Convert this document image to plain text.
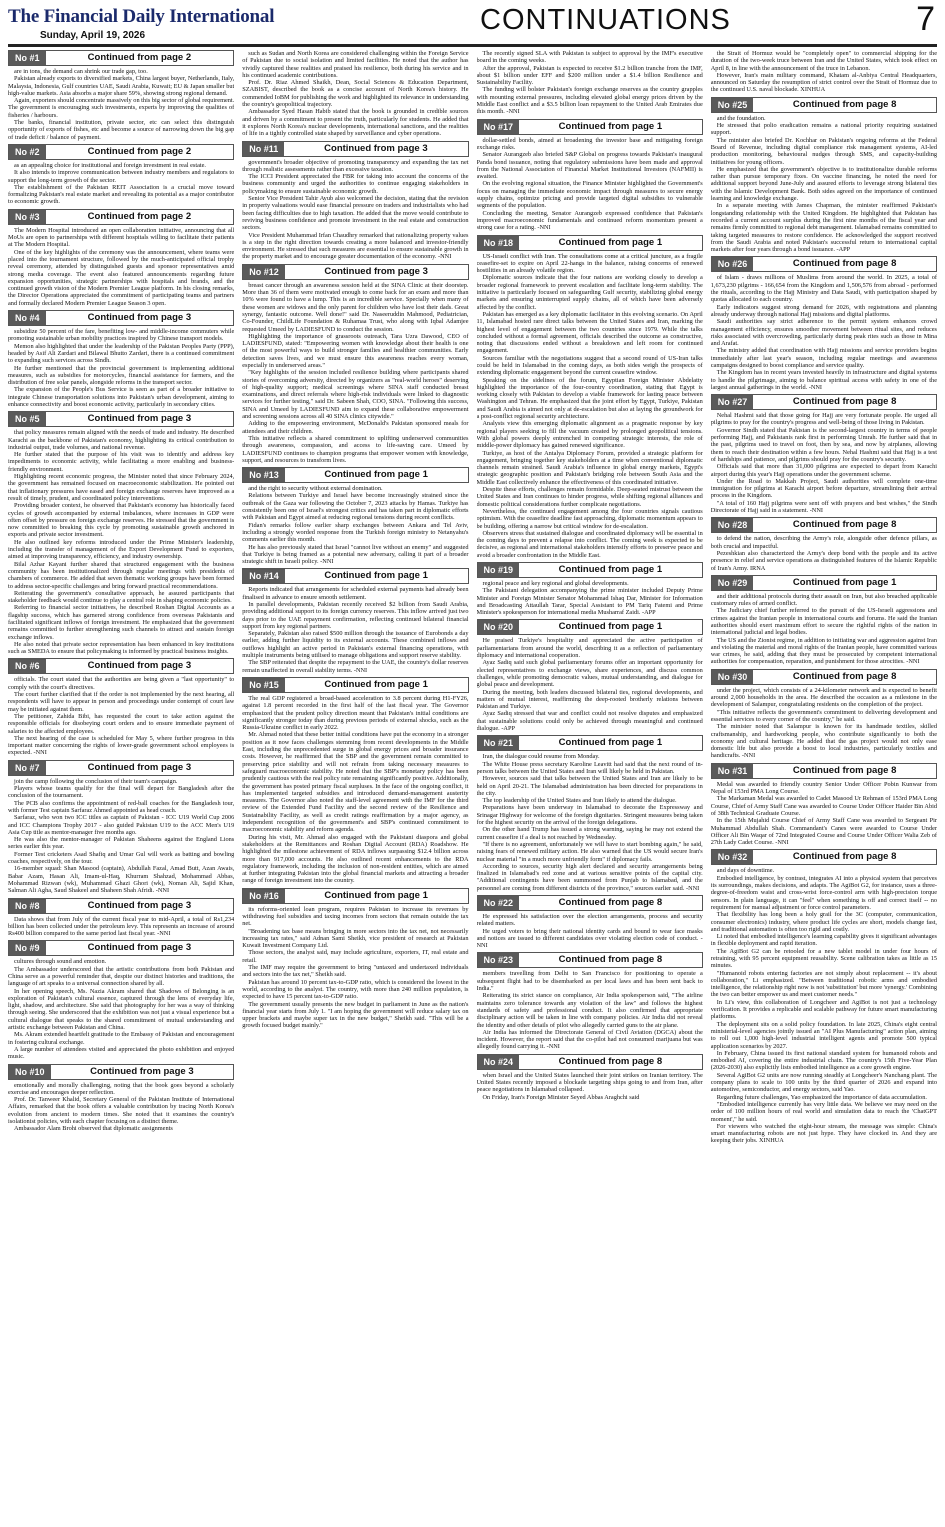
The Financial Daily International
Sunday, April 19, 2026	CONTINUATIONS	7
No #1	Continued from page 2

are in tons, the demand can shrink our trade gap, too.

Pakistan already exports to diversified markets, China largest buyer, Netherlands, Italy, Malaysia, Indonesia, Gulf countries UAE, Saudi Arabia, Kuwait; EU & Japan smaller but high-value markets. Asia absorbs a major share 59%, showing strong regional demand.

Again, exporters should concentrate massively on this big sector of global requirement. The government is encouraging such investments, experts by improving the qualities of fisheries / harbours.

The banks, financial institution, private sector, etc can select this distinguish opportunity of exports of fishes, etc and become a source of narrowing down the big gap of trade deficit / balance of payment.

No #2	Continued from page 2

as an appealing choice for institutional and foreign investment in real estate.

It also intends to improve communication between industry members and regulators to support the long-term growth of the sector.

The establishment of the Pakistan REIT Association is a crucial move toward formalizing Pakistan's real estate market and revealing its potential as a major contributor to economic growth.

No #3	Continued from page 2

The Modern Hospital introduced an open collaboration initiative, announcing that all MoUs are open to partnerships with different hospitals willing to facilitate their patients at The Modern Hospital.

One of the key highlights of the ceremony was the announcement, where teams were placed into the tournament structure, followed by the much-anticipated official trophy reveal ceremony, attended by distinguished guests and sponsor representatives amid strong media coverage. The event also featured announcements regarding future expansion opportunities, strategic partnerships with hospitals and brands, and the continued growth vision of the Modern Premier League platform. In his closing remarks, the Director Operations appreciated the commitment of participating teams and partners and formally declared Modern Premier League Season 3 open.

No #4	Continued from page 3

subsidize 50 percent of the fare, benefiting low- and middle-income commuters while promoting sustainable urban mobility practices inspired by Chinese transport models.

Memon also highlighted that under the leadership of the Pakistan Peoples Party (PPP), headed by Asif Ali Zardari and Bilawal Bhutto Zardari, there is a continued commitment to expanding such services across Sindh.

He further mentioned that the provincial government is implementing additional measures, such as subsidies for motorcycles, financial assistance for farmers, and the distribution of free solar panels, alongside reforms in the transport sector.

The expansion of the People's Bus Service is seen as part of a broader initiative to integrate Chinese transportation solutions into Pakistan's urban development, aiming to enhance connectivity and boost economic activity, particularly in secondary cities.

No #5	Continued from page 3

that policy measures remain aligned with the needs of trade and industry. He described Karachi as the backbone of Pakistan's economy, highlighting its critical contribution to industrial output, trade volumes, and national revenue.

He further stated that the purpose of his visit was to identify and address key impediments to economic activity, while facilitating a more enabling and business-friendly environment.

Highlighting recent economic progress, the Minister noted that since February 2024, the government has remained focused on macroeconomic stabilization. He pointed out that inflationary pressures have eased and foreign exchange reserves have improved as a result of timely, prudent, and coordinated policy interventions.

Providing broader context, he observed that Pakistan's economy has historically faced cycles of growth accompanied by external imbalances, where increases in GDP were often offset by pressure on foreign exchange reserves. He stressed that the government is now committed to breaking this cycle by promoting sustainable growth anchored in exports and private sector investment.

He also outlined key reforms introduced under the Prime Minister's leadership, including the transfer of management of the Export Development Fund to exporters, aimed at improving transparency, efficiency, and industry ownership.

Bilal Azhar Kayani further shared that structured engagement with the business community has been institutionalized through regular meetings with presidents of chambers of commerce. He added that seven thematic working groups have been formed to address sector-specific challenges and bring forward practical recommendations.

Reiterating the government's consultative approach, he assured participants that stakeholder feedback would continue to play a central role in shaping economic policies.

Referring to financial sector initiatives, he described Roshan Digital Accounts as a flagship success, which has garnered strong confidence from overseas Pakistanis and facilitated significant inflows of foreign investment. He emphasized that the government remains committed to further strengthening such channels to attract and sustain foreign exchange inflows.

He also noted that private sector representation has been enhanced in key institutions such as SMEDA to ensure that policymaking is informed by practical business insights.

No #6	Continued from page 3

officials. The court stated that the authorities are being given a "last opportunity" to comply with the court's directives.

The court further clarified that if the order is not implemented by the next hearing, all respondents will have to appear in person and proceedings under contempt of court law may be initiated against them.

The petitioner, Zahida Bibi, has requested the court to take action against the responsible officials for disobeying court orders and to ensure immediate payment of salaries to the affected employees.

The next hearing of the case is scheduled for May 5, where further progress in this important matter concerning the rights of lower-grade government school employees is expected. -NNI

No #7	Continued from page 3

join the camp following the conclusion of their team's campaign.

Players whose teams qualify for the final will depart for Bangladesh after the conclusion of the tournament.

The PCB also confirms the appointment of red-ball coaches for the Bangladesh tour, with former Test captain Sarfaraz Ahmed appointed as head coach.

Sarfaraz, who won two ICC titles as captain of Pakistan - ICC U19 World Cup 2006 and ICC Champions Trophy 2017 - also guided Pakistan U19 to the ACC Men's U19 Asia Cup title as mentor-manager five months ago.

He was also the mentor-manager of Pakistan Shaheens against the England Lions series earlier this year.

Former Test cricketers Asad Shafiq and Umar Gul will work as batting and bowling coaches, respectively, on the tour.

16-member squad: Shan Masood (captain), Abdullah Fazal, Amad Butt, Azan Awais, Babar Azam, Hasan Ali, Imam-ul-Haq, Khurram Shahzad, Mohammad Abbas, Mohammad Rizwan (wk), Muhammad Ghazi Ghori (wk), Noman Ali, Sajid Khan, Salman Ali Agha, Saud Shakeel and Shaheen Shah Afridi. -NNI

No #8	Continued from page 3

Data shows that from July of the current fiscal year to mid-April, a total of Rs1,234 billion has been collected under the petroleum levy. This represents an increase of around Rs400 billion compared to the same period last fiscal year. -NNI

No #9	Continued from page 3

cultures through sound and emotion.

The Ambassador underscored that the artistic contributions from both Pakistan and China serve as a powerful reminder that, despite our distinct histories and traditions, the language of art speaks to a universal connection shared by all.

In her opening speech, Ms. Nazia Akram shared that Shadows of Belonging is an exploration of Pakistan's cultural essence, captured through the lens of everyday life, light, shadow, and architecture. She said that photography for her was a way of thinking through seeing. She underscored that the exhibition was not just a visual experience but a cultural dialogue that speaks to the shared commitment of mutual understanding and artistic exchange between Pakistan and China.

Ms. Akram extended heartfelt gratitude to the Embassy of Pakistan and encouragement in fostering cultural exchange.

A large number of attendees visited and appreciated the photo exhibition and enjoyed music.

No #10	Continued from page 3

emotionally and morally challenging, noting that the book goes beyond a scholarly exercise and encourages deeper reflection.

Prof. Dr. Tanweer Khalid, Secretary General of the Pakistan Institute of International Affairs, remarked that the book offers a valuable contribution by tracing North Korea's evolution from ancient to modern times. She noted that it examines the country's isolationist policies, with each chapter focusing on a distinct theme.

Ambassador Alam Brohi observed that diplomatic assignments

such as Sudan and North Korea are considered challenging within the Foreign Service of Pakistan due to social isolation and limited facilities. He noted that the author has vividly captured these realities and praised his resilience, both during his service and in his continued academic contributions.

Prof. Dr. Riaz Ahmed Shaikh, Dean, Social Sciences & Education Department, SZABIST, described the book as a concise account of North Korea's history. He commended IoBM for publishing the work and highlighted its relevance in understanding the country's geopolitical trajectory.

Ambassador Syed Hasan Habib stated that the book is grounded in credible sources and driven by a commitment to present the truth, particularly for students. He added that it explores North Korea's nuclear developments, international sanctions, and the realities of life in a tightly controlled state shaped by surveillance and cyber operations.

No #11	Continued from page 3

government's broader objective of promoting transparency and expanding the tax net through realistic assessments rather than excessive taxation.

The ICCI President appreciated the FBR for taking into account the concerns of the business community and urged the authorities to continue engaging stakeholders in policymaking to ensure sustainable economic growth.

Senior Vice President Tahir Ayub also welcomed the decision, stating that the revision in property valuations would ease financial pressure on traders and industrialists who had been facing difficulties due to high taxation. He added that the move would contribute to reviving business confidence and promote investment in the real estate and construction sectors.

Vice President Muhammad Irfan Chaudhry remarked that rationalizing property values is a step in the right direction towards creating a more balanced and investor-friendly environment. He stressed that such measures are essential to ensure sustainable growth in the property market and to encourage greater documentation of the economy. -NNI

No #12	Continued from page 3

breast cancer through an awareness session held at the SINA Clinic at their doorstep. More than 36 of them were motivated enough to come back for an exam and more than 10% were found to have a lump. This is an incredible service. Specially when many of these women are widows and the only parent for children who have lost their dads. Great synergy, fantastic outcome. Well done!" said Dr. Naseeruddin Mahmood, Pediatrician, Co-Founder, ChildLife Foundation & Ruhamaa Trust, who along with Iqbal Adamjee requested Umeed by LADIESFUND to conduct the session.

Highlighting the importance of grassroots outreach, Tara Uzra Dawood, CEO of LADIESFUND, stated: "Empowering women with knowledge about their health is one of the most powerful ways to build stronger families and healthier communities. Early detection saves lives, and we must ensure this awareness reaches every woman, especially in underserved areas."

"Key highlights of the session included resilience building where participants shared stories of overcoming adversity, directed by organizers as "real-world heroes" deserving of high-quality support; medical screenings where SINA staff conducted breast examinations, and direct referrals where high-risk individuals were linked to diagnostic services for further testing," said Dr. Sabeen Shah, COO, SINA. "Following this success, SINA and Umeed by LADIESFUND aim to expand these collaborative empowerment and screening sessions across all 40 SINA clinics citywide."

Adding to the empowering environment, McDonald's Pakistan sponsored meals for attendees and their children.

This initiative reflects a shared commitment to uplifting underserved communities through awareness, compassion, and access to life-saving care. Umeed by LADIESFUND continues to champion programs that empower women with knowledge, support, and resources to transform lives.

No #13	Continued from page 1

and the right to security without external domination.

Relations between Turkiye and Israel have become increasingly strained since the outbreak of the Gaza war following the October 7, 2023 attacks by Hamas. Turkiye has consistently been one of Israel's strongest critics and has taken part in diplomatic efforts with Pakistan and Egypt aimed at reducing regional tensions during recent conflicts.

Fidan's remarks follow earlier sharp exchanges between Ankara and Tel Aviv, including a strongly worded response from the Turkish foreign ministry to Netanyahu's comments earlier this month.

He has also previously stated that Israel "cannot live without an enemy" and suggested that Turkiye is being framed as a potential new adversary, calling it part of a broader strategic shift in Israeli policy. -NNI

No #14	Continued from page 1

Reports indicated that arrangements for scheduled external payments had already been finalised in advance to ensure smooth settlement.

In parallel developments, Pakistan recently received $2 billion from Saudi Arabia, providing additional support to its foreign currency reserves. This inflow arrived just two days prior to the UAE repayment confirmation, reflecting continued bilateral financial support from key regional partners.

Separately, Pakistan also raised $500 million through the issuance of Eurobonds a day earlier, adding further liquidity to its external accounts. These combined inflows and outflows highlight an active period in Pakistan's external financing operations, with multiple instruments being utilised to manage obligations and support reserve stability.

The SBP reiterated that despite the repayment to the UAE, the country's dollar reserves remain unaffected in overall stability terms. -NNI

No #15	Continued from page 1

The real GDP registered a broad-based acceleration to 3.8 percent during H1-FY26, against 1.8 percent recorded in the first half of the last fiscal year. The Governor emphasized that the prudent policy direction meant that Pakistan's initial conditions are significantly stronger today than during previous periods of external shocks, such as the Russia-Ukraine conflict in early 2022.

Mr. Ahmad noted that these better initial conditions have put the economy in a stronger position as it now faces challenges stemming from recent developments in the Middle East, including the unprecedented surge in global energy prices and broader insurance costs. However, he reaffirmed that the SBP and the government remain committed to preserving price stability and will not refrain from taking necessary measures to safeguard macroeconomic stability. He noted that the SBP's monetary policy has been prudently cautious with the real policy rate remaining significantly positive. Additionally, the government has posted primary fiscal surpluses. In the face of the ongoing conflict, it has implemented targeted subsidies and introduced demand-management austerity measures. The Governor also noted the staff-level agreement with the IMF for the third review of the Extended Fund Facility and the second review of the Resilience and Sustainability Facility, as well as credit ratings reaffirmation by a major agency, as independent recognition of the government's and SBP's continued commitment to macroeconomic stability and reform agenda.

During his visit, Mr. Ahmad also engaged with the Pakistani diaspora and global stakeholders at the Remittances and Roshan Digital Account (RDA) Roadshow. He highlighted the milestone achievement of RDA inflows surpassing $12.4 billion across more than 917,000 accounts. He also outlined recent enhancements to the RDA regulatory framework, including the inclusion of non-resident entities, which are aimed at further integrating Pakistan into the global financial markets and attracting a broader range of foreign investment into the country.

No #16	Continued from page 1

its reforms-oriented loan program, requires Pakistan to increase its revenues by withdrawing fuel subsidies and taxing incomes from sectors that remain outside the tax net.

"Broadening tax base means bringing in more sectors into the tax net, not necessarily increasing tax rates," said Adnan Sami Sheikh, vice president of research at Pakistan Kuwait Investment Company Ltd.

Those sectors, the analyst said, may include agriculture, exporters, IT, real estate and retail.

The IMF may require the government to bring "untaxed and undertaxed individuals and sectors into the tax net," Sheikh said.

Pakistan has around 10 percent tax-to-GDP ratio, which is considered the lowest in the world, according to the analyst. The country, with more than 240 million population, is expected to have 15 percent tax-to-GDP ratio.

The government usually presents the new budget in parliament in June as the nation's financial year starts from July 1. "I am hoping the government will reduce salary tax on upper brackets and maybe super tax in the new budget," Sheikh said. "This will be a growth focused budget mainly."

The recently signed SLA with Pakistan is subject to approval by the IMF's executive board in the coming weeks.

After the approval, Pakistan is expected to receive $1.2 billion tranche from the IMF, about $1 billion under EFF and $200 million under a $1.4 billion Resilience and Sustainability Facility.

The funding will bolster Pakistan's foreign exchange reserves as the country grapples with mounting external pressures, including elevated global energy prices driven by the Middle East conflict and a $3.5 billion loan repayment to the United Arab Emirates due this month. -NNI

No #17	Continued from page 1

dollar-settled bonds, aimed at broadening the investor base and mitigating foreign exchange risks.

Senator Aurangzeb also briefed S&P Global on progress towards Pakistan's inaugural Panda bond issuance, noting that regulatory submissions have been made and approval from the National Association of Financial Market Institutional Investors (NAFMII) is awaited.

On the evolving regional situation, the Finance Minister highlighted the Government's focus on managing the immediate economic impact through measures to secure energy supply chains, optimize pricing and provide targeted digital subsidies to vulnerable segments of the population.

Concluding the meeting, Senator Aurangzeb expressed confidence that Pakistan's improved macroeconomic fundamentals and continued reform momentum present a strong case for a rating. -NNI

No #18	Continued from page 1

US-Israeli conflict with Iran. The consultations come at a critical juncture, as a fragile ceasefire-set to expire on April 22-hangs in the balance, raising concerns of renewed hostilities in an already volatile region.

Diplomatic sources indicate that the four nations are working closely to develop a broader regional framework to prevent escalation and facilitate long-term stability. The initiative is particularly focused on safeguarding Gulf security, stabilizing global energy markets and ensuring uninterrupted supply chains, all of which have been adversely affected by the conflict.

Pakistan has emerged as a key diplomatic facilitator in this evolving scenario. On April 11, Islamabad hosted rare direct talks between the United States and Iran, marking the highest level of engagement between the two countries since 1979. While the talks concluded without a formal agreement, officials described the outcome as constructive, noting that discussions ended without a breakdown and left room for continued engagement.

Sources familiar with the negotiations suggest that a second round of US-Iran talks could be held in Islamabad in the coming days, as both sides weigh the prospects of extending diplomatic engagement beyond the current ceasefire window.

Speaking on the sidelines of the forum, Egyptian Foreign Minister Abdelatty highlighted the importance of the four-country coordination, stating that Egypt is working closely with Pakistan to develop a viable framework for lasting peace between Washington and Tehran. He emphasized that the joint effort by Egypt, Turkiye, Pakistan and Saudi Arabia is aimed not only at de-escalation but also at laying the groundwork for a post-conflict regional security architecture.

Analysts view this emerging diplomatic alignment as a pragmatic response by key regional players seeking to fill the vacuum created by prolonged geopolitical tensions. With global powers deeply entrenched in competing strategic interests, the role of middle-power diplomacy has gained renewed significance.

Turkiye, as host of the Antalya Diplomacy Forum, provided a strategic platform for engagement, bringing together key stakeholders at a time when conventional diplomatic channels remain strained. Saudi Arabia's influence in global energy markets, Egypt's strategic geographic position and Pakistan's bridging role between South Asia and the Middle East collectively enhance the effectiveness of this coordinated initiative.

Despite these efforts, challenges remain formidable. Deep-seated mistrust between the United States and Iran continues to hinder progress, while shifting regional alliances and domestic political considerations further complicate negotiations.

Nevertheless, the continued engagement among the four countries signals cautious optimism. With the ceasefire deadline fast approaching, diplomatic momentum appears to be building, offering a narrow but critical window for de-escalation.

Observers stress that sustained dialogue and coordinated diplomacy will be essential in the coming days to prevent a relapse into conflict. The coming week is expected to be decisive, as regional and international stakeholders intensify efforts to preserve peace and avoid a broader confrontation in the Middle East.

No #19	Continued from page 1

regional peace and key regional and global developments.

The Pakistani delegation accompanying the prime minister included Deputy Prime Minister and Foreign Minister Senator Mohammad Ishaq Dar, Minister for Information and Broadcasting Attaullah Tarar, Special Assistant to PM Tariq Fatemi and Prime Minister's spokesperson for international media Musharraf Zaidi. -APP

No #20	Continued from page 1

He praised Turkiye's hospitality and appreciated the active participation of parliamentarians from around the world, describing it as a reflection of parliamentary diplomacy and international cooperation.

Ayaz Sadiq said such global parliamentary forums offer an important opportunity for elected representatives to exchange views, share experiences, and discuss common challenges, while promoting democratic values, mutual understanding, and dialogue for global peace and development.

During the meeting, both leaders discussed bilateral ties, regional developments, and matters of mutual interest, reaffirming the deep-rooted brotherly relations between Pakistan and Turkiye.

Ayaz Sadiq stressed that war and conflict could not resolve disputes and emphasized that sustainable solutions could only be achieved through meaningful and continued dialogue. -APP

No #21	Continued from page 1

Iran, the dialogue could resume from Monday.

The White House press secretary Karoline Leavitt had said that the next round of in-person talks between the United States and Iran will likely be held in Pakistan.

However, sources said that talks between the United States and Iran are likely to be held on April 20-21. The Islamabad administration has been directed for preparations in the city.

The top leadership of the United States and Iran likely to attend the dialogue.

Preparations have been underway in Islamabad to decorate the Expressway and Srinagar Highway for welcome of the foreign dignitaries. Stringent measures being taken for the highest security on the arrival of the foreign delegations.

On the other hand Trump has issued a strong warning, saying he may not extend the current ceasefire if a deal is not reached by Wednesday.

"If there is no agreement, unfortunately we will have to start bombing again," he said, raising fears of renewed military action. He also warned that the US would secure Iran's nuclear material "in a much more unfriendly form" if diplomacy fails.

According to sources, security high alert declared and security arrangements being finalized in Islamabad's red zone and at various sensitive points of the capital city. "Additional contingents have been summoned from Punjab to Islamabad, and the personnel are coming from different districts of the province," sources earlier said. -NNI

No #22	Continued from page 8

He expressed his satisfaction over the election arrangements, process and security related matters.

He urged voters to bring their national identity cards and bound to wear face masks and notices are issued to different candidates over violating election code of conduct. -NNI

No #23	Continued from page 8

members travelling from Delhi to San Francisco for positioning to operate a subsequent flight had to be disembarked as per local laws and has been sent back to India."

Reiterating its strict stance on compliance, Air India spokesperson said, "The airline maintains zero tolerance towards any violation of the law" and follows the highest standards of safety and professional conduct. It also confirmed that appropriate disciplinary action will be taken in line with company policies. Air India did not reveal the identity and other details of pilot who allegedly carried guns to the air plane.

Air India has informed the Directorate General of Civil Aviation (DGCA) about the incident. However, the report said that the co-pilot had not consumed marijuana but was allegedly found carrying it. -NNI

No #24	Continued from page 8

when Israel and the United States launched their joint strikes on Iranian territory. The United States recently imposed a blockade targeting ships going to and from Iran, after peace negotiations in Islamabad collapsed.

On Friday, Iran's Foreign Minister Seyed Abbas Araghchi said

the Strait of Hormuz would be "completely open" to commercial shipping for the duration of the two-week truce between Iran and the United States, which took effect on April 8, in line with the announcement of the truce in Lebanon.

However, Iran's main military command, Khatam al-Anbiya Central Headquarters, announced on Saturday the resumption of strict control over the Strait of Hormuz due to the continued U.S. naval blockade. XINHUA

No #25	Continued from page 8

and the foundation.

He stressed that polio eradication remains a national priority requiring sustained support.

The minister also briefed Dr. Kochhar on Pakistan's ongoing reforms at the Federal Board of Revenue, including digital compliance risk management systems, AI-led production monitoring, behavioural nudges through SMS, and capacity-building initiatives for young officers.

He emphasized that the government's objective is to institutionalize durable reforms rather than pursue temporary fixes. On vaccine financing, he noted the need for additional support beyond June-July and assured efforts to leverage strong bilateral ties with the Islamic Development Bank. Both sides agreed on the importance of continued learning and knowledge exchange.

In a separate meeting with James Chapman, the minister reaffirmed Pakistan's longstanding relationship with the United Kingdom. He highlighted that Pakistan has recorded a current account surplus during the first nine months of the fiscal year and remains firmly committed to regional debt management. Islamabad remains committed to taking targeted measures to restore confidence. He acknowledged the support received from the Saudi Arabia and noted Pakistan's successful return to international capital markets after four years through a bond issuance. -APP

No #26	Continued from page 8

of Islam - draws millions of Muslims from around the world. In 2025, a total of 1,673,230 pilgrims - 166,654 from the Kingdom and 1,506,576 from abroad - performed the rituals, according to the Hajj Ministry and Data Saudi, with participation shaped by quotas allocated to each country.

Early indicators suggest strong demand for 2026, with registrations and planning already underway through national Hajj missions and digital platforms.

Saudi authorities say strict adherence to the permit system enhances crowd management efficiency, ensures smoother movement between ritual sites, and reduces risks associated with overcrowding, particularly during peak rites such as those in Mina and Arafat.

The ministry added that coordination with Hajj missions and service providers begins immediately after last year's season, including regular meetings and awareness campaigns designed to boost compliance and service quality.

The Kingdom has in recent years invested heavily in infrastructure and digital systems to handle the pilgrimage, aiming to balance spiritual access with safety in one of the largest annual gatherings in the world. -NNI

No #27	Continued from page 8

Nehal Hashmi said that those going for Hajj are very fortunate people. He urged all pilgrims to pray for the country's progress and well-being of those living in Pakistan.

Governor Sindh stated that Pakistan is the second-largest country in terms of people performing Hajj, and Pakistanis rank first in performing Umrah. He further said that in the past, pilgrims used to travel on foot, then by sea, and now by airplanes, allowing them to reach their destination within a few hours. Nehal Hashmi said that Hajj is a test of hardships and patience, and pilgrims should pray for the country's security.

Officials said that more than 31,000 pilgrims are expected to depart from Karachi airport during this year's Hajj operations under the government scheme.

Under the Road to Makkah Project, Saudi authorities will complete one-time immigration for pilgrims at Karachi airport before departure, streamlining their arrival process in the Kingdom.

"A total of 160 Hajj pilgrims were sent off with prayers and best wishes," the Sindh Directorate of Hajj said in a statement. -NNI

No #28	Continued from page 8

to defend the nation, describing the Army's role, alongside other defence pillars, as both crucial and impactful.

Pezeshkian also characterized the Army's deep bond with the people and its active presence in relief and service operations as distinguished features of the Islamic Republic of Iran's Army. IRNA

No #29	Continued from page 1

and their additional protocols during their assault on Iran, but also breached applicable customary rules of armed conflict.

The Judiciary chief further referred to the pursuit of the US-Israeli aggressions and crimes against the Iranian people in international courts and forums. He said the Iranian authorities should exert maximum effort to secure the rightful rights of the nation in international judicial and legal bodies.

The US and the Zionist regime, in addition to initiating war and aggression against Iran and violating the material and moral rights of the Iranian people, have committed various war crimes, he said, adding that they must be prosecuted by competent international authorities for compensation, reparation, and punishment for those atrocities. -NNI

No #30	Continued from page 8

under the project, which consists of a 24-kilometer network and is expected to benefit around 2,000 households in the area. He described the occasion as a milestone in the development of Salampur, congratulating residents on the completion of the project.

"This initiative reflects the government's commitment to delivering development and essential services to every corner of the country," he said.

The minister noted that Salampur is known for its handmade textiles, skilled craftsmanship, and hardworking people, who contribute significantly to both the economy and cultural heritage. He added that the gas project would not only ease domestic life but also provide a boost to local industries, particularly textiles and handicrafts. -NNI

No #31	Continued from page 8

Medal was awarded to friendly country Senior Under Officer Pobin Kunwar from Nepal of 153rd PMA Long Course.

The Markaman Medal was awarded to Cadet Masood Ur Rehman of 153rd PMA Long Course, Chief of Army Staff Cane was awarded to Course Under Officer Haider Bin Abid of 38th Technical Graduate Course.

In the 15th Mujahid Course Chief of Army Staff Cane was awarded to Sergeant Pir Muhammad Abdullah Shah. Commandant's Canes were awarded to Course Under Officer Ali Bin Waqar of 72nd Integrated Course and Course Under Officer Walia Zeb of 27th Lady Cadet Course. -NNI

No #32	Continued from page 8

and days of downtime.

Embodied intelligence, by contrast, integrates AI into a physical system that perceives its surroundings, makes decisions, and adapts. The AgiBot G2, for instance, uses a three-degree-of-freedom waist and cross-wrist force-control arm with high-precision torque sensors. In plain language, it can "feel" when something is off and correct itself -- no requirement for manual adjustment or force control parameters.

That flexibility has long been a holy grail for the 3C (computer, communication, consumer electronics) industry, where product life cycles are short, models change fast, and traditional automation is often too rigid and costly.

Li noted that embodied intelligence's learning capability gives it significant advantages in flexible deployment and rapid iteration.

The AgiBot G2 can be retooled for a new tablet model in under four hours of retraining, with 95 percent equipment reusability. Scene calibration takes as little as 15 minutes.

"Humanoid robots entering factories are not simply about replacement -- it's about collaboration," Li emphasized. "Between traditional robotic arms and embodied intelligence, the relationship right now is not 'substitution' but more 'synergy.' Combining the two can better empower us and meet customer needs."

In Li's view, this collaboration of Longcheer and AgiBot is not just a technology verification. It provides a replicable and scalable pathway for future smart manufacturing platforms.

The deployment sits on a solid policy foundation. In late 2025, China's eight central ministerial-level agencies jointly issued an "AI Plus Manufacturing" action plan, aiming to roll out 1,000 high-level industrial intelligent agents and promote 500 typical application scenarios by 2027.

In February, China issued its first national standard system for humanoid robots and embodied AI, covering the entire industrial chain. The country's 15th Five-Year Plan (2026-2030) also explicitly lists embodied intelligence as a core growth engine.

Several AgiBot G2 units are now running steadily at Longcheer's Nanchang plant. The company plans to scale to 100 units by the third quarter of 2026 and expand into automotive, semiconductor, and energy sectors, said Yao.

Regarding future challenges, Yao emphasized the importance of data accumulation.

"Embodied intelligence currently has very little data. We believe we may need on the order of 100 million hours of real world and simulation data to reach the 'ChatGPT moment'," he said.

For viewers who watched the eight-hour stream, the message was simple: China's smart manufacturing robots are not just hype. They have clocked in. And they are keeping their jobs. XINHUA
